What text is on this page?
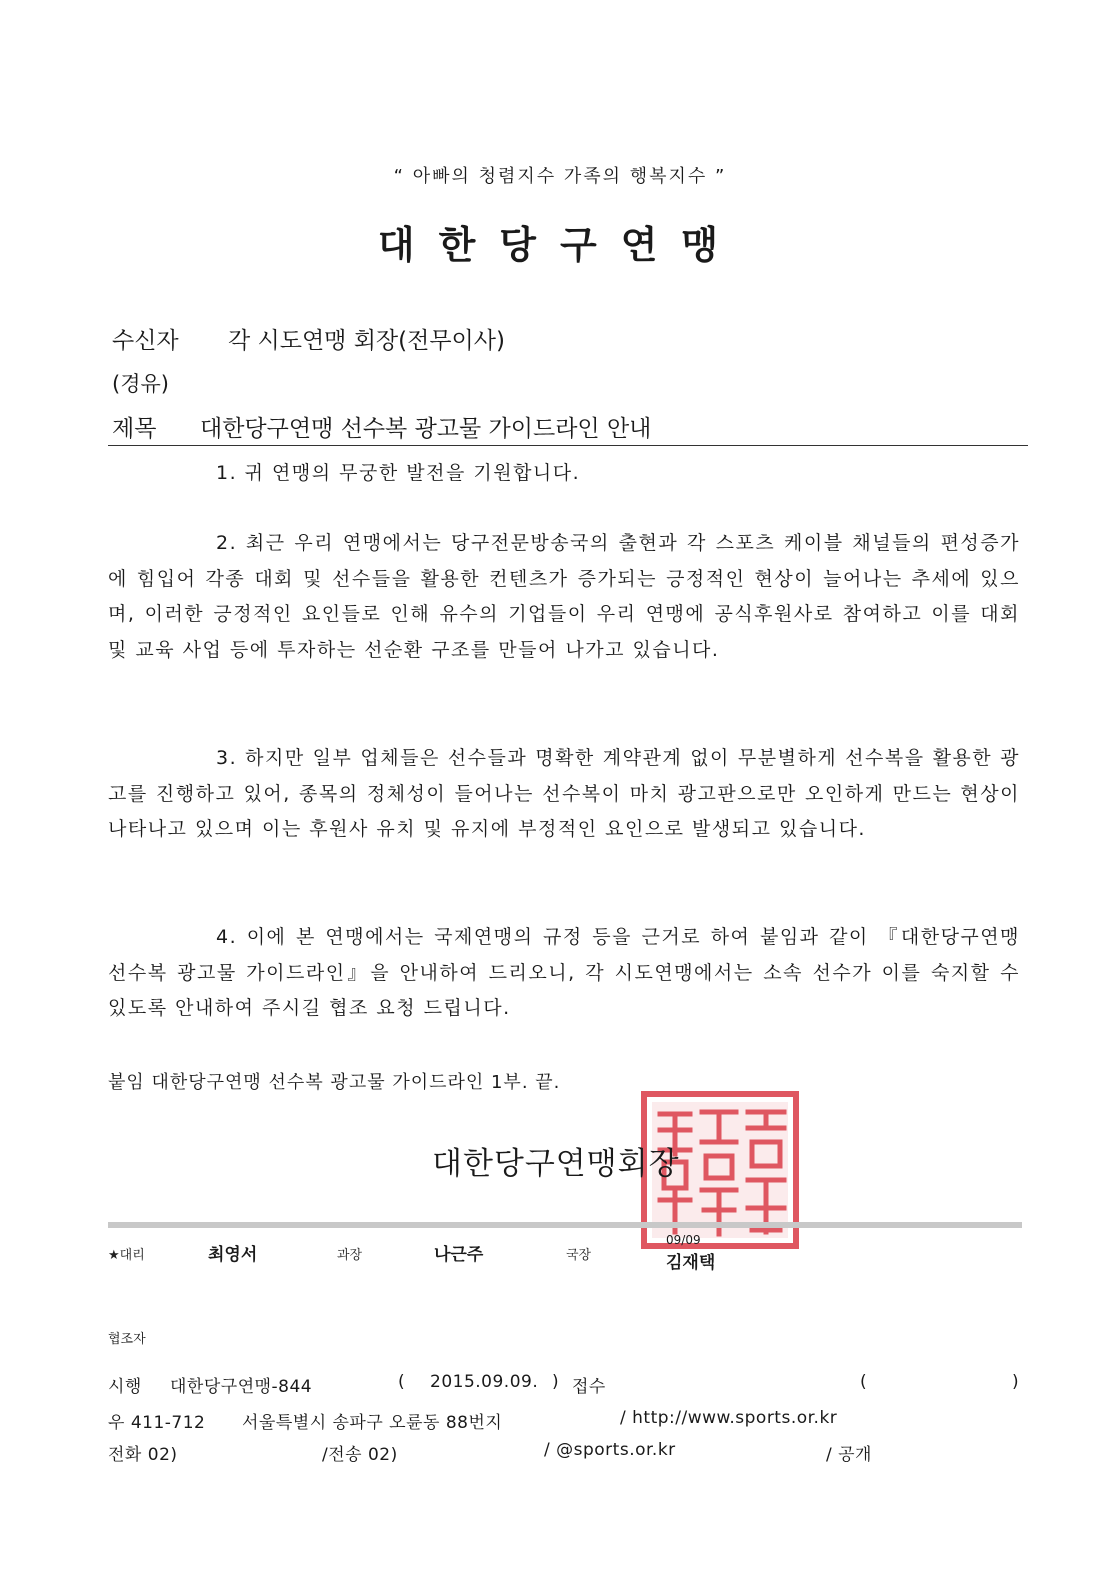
“ 아빠의 청렴지수 가족의 행복지수 ”
대한당구연맹
수신자 각 시도연맹 회장(전무이사)
(경유)
제목 대한당구연맹 선수복 광고물 가이드라인 안내

1. 귀 연맹의 무궁한 발전을 기원합니다.

2. 최근 우리 연맹에서는 당구전문방송국의 출현과 각 스포츠 케이블 채널들의 편성증가에 힘입어 각종 대회 및 선수들을 활용한 컨텐츠가 증가되는 긍정적인 현상이 늘어나는 추세에 있으며, 이러한 긍정적인 요인들로 인해 유수의 기업들이 우리 연맹에 공식후원사로 참여하고 이를 대회 및 교육 사업 등에 투자하는 선순환 구조를 만들어 나가고 있습니다.

3. 하지만 일부 업체들은 선수들과 명확한 계약관계 없이 무분별하게 선수복을 활용한 광고를 진행하고 있어, 종목의 정체성이 들어나는 선수복이 마치 광고판으로만 오인하게 만드는 현상이 나타나고 있으며 이는 후원사 유치 및 유지에 부정적인 요인으로 발생되고 있습니다.

4. 이에 본 연맹에서는 국제연맹의 규정 등을 근거로 하여 붙임과 같이 『대한당구연맹 선수복 광고물 가이드라인』을 안내하여 드리오니, 각 시도연맹에서는 소속 선수가 이를 숙지할 수 있도록 안내하여 주시길 협조 요청 드립니다.

붙임 대한당구연맹 선수복 광고물 가이드라인 1부. 끝.
대한당구연맹회장
★대리	최영서	과장	나근주	국장
09/09
김재택
협조자
시행 대한당구연맹-844	( 2015.09.09. ) 접수	(	)
우 411-712 서울특별시 송파구 오륜동 88번지	/ http://www.sports.or.kr
전화 02)	/전송 02)	/ @sports.or.kr	/ 공개
